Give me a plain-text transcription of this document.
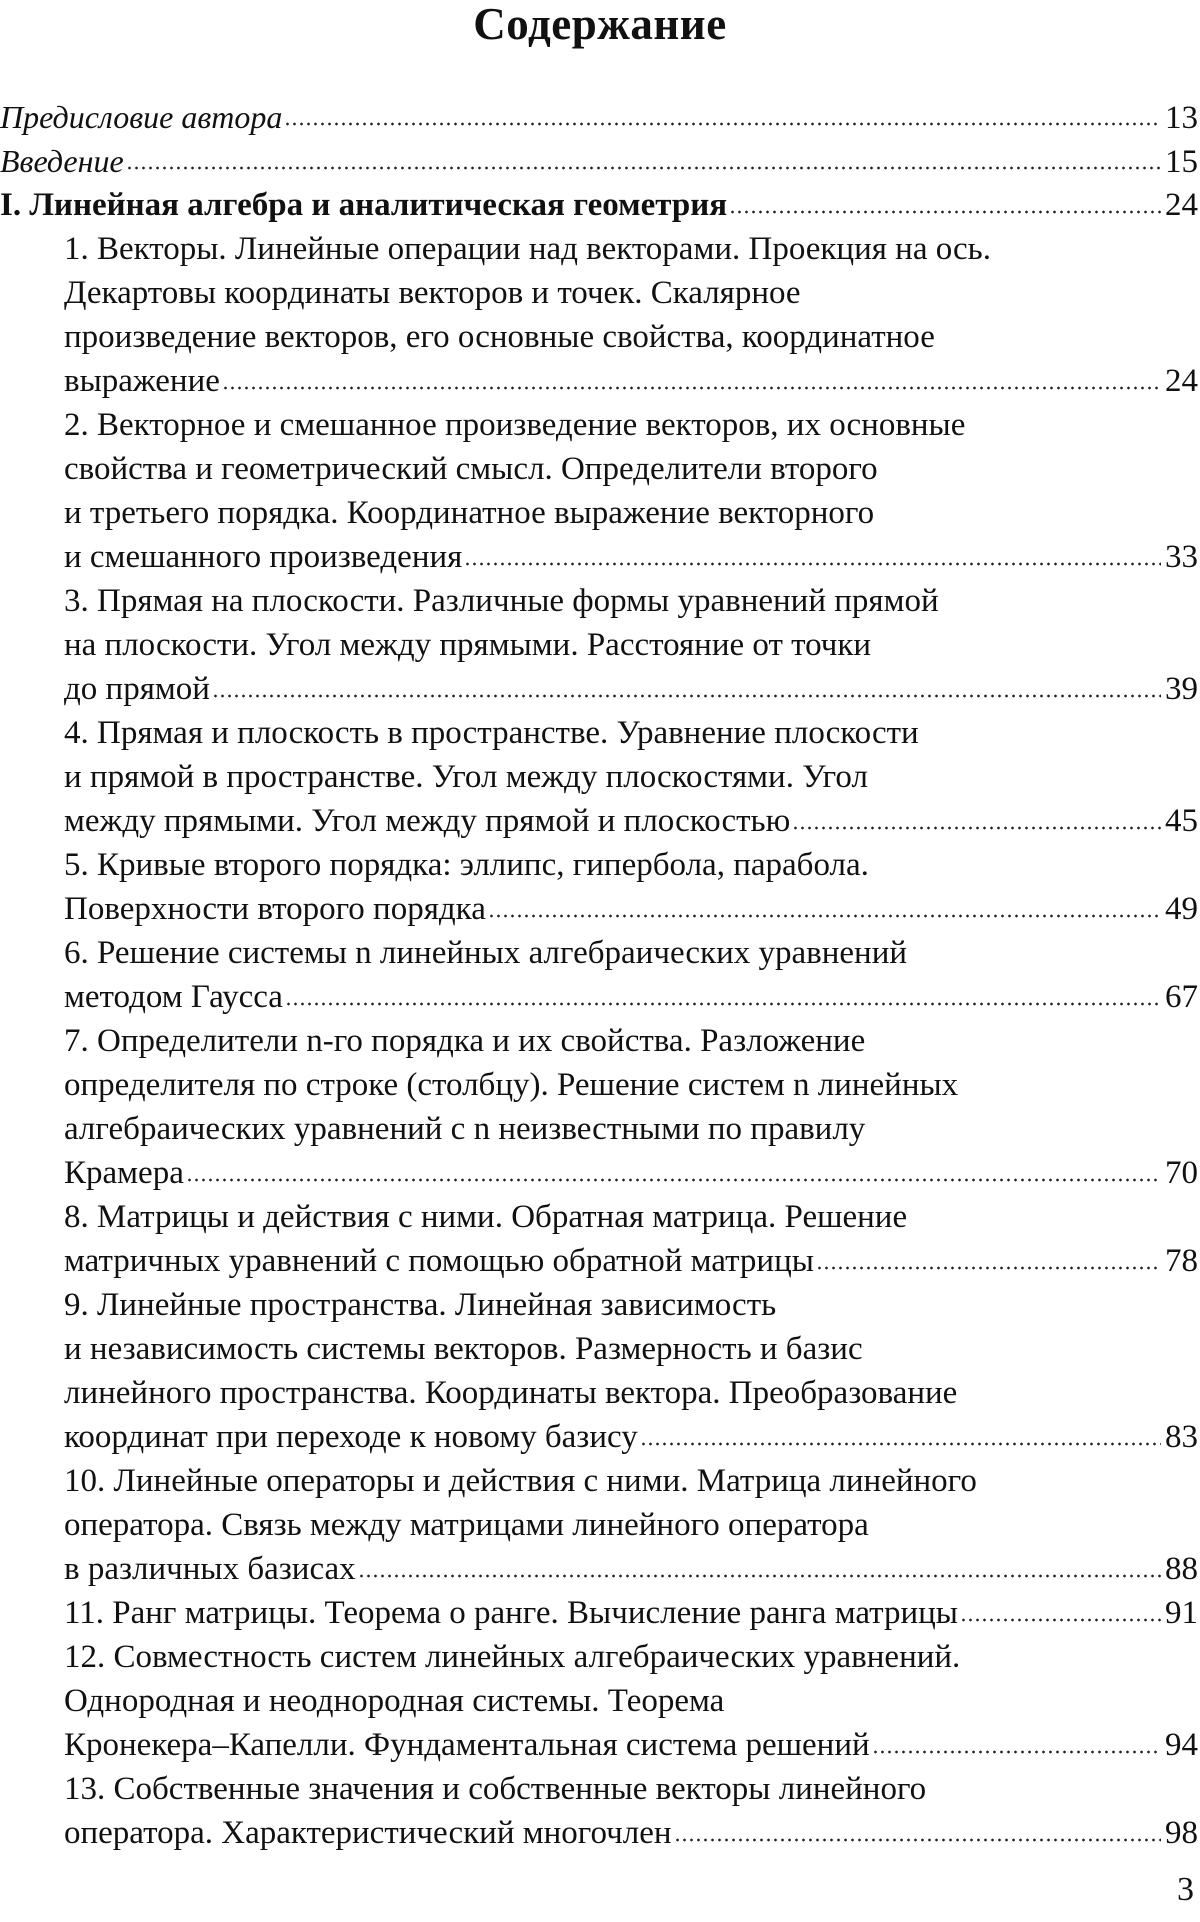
Содержание
Предисловие автора	13
Введение	15
I. Линейная алгебра и аналитическая геометрия	24
1. Векторы. Линейные операции над векторами. Проекция на ось.
Декартовы координаты векторов и точек. Скалярное
произведение векторов, его основные свойства, координатное
выражение	24
2. Векторное и смешанное произведение векторов, их основные
свойства и геометрический смысл. Определители второго
и третьего порядка. Координатное выражение векторного
и смешанного произведения	33
3. Прямая на плоскости. Различные формы уравнений прямой
на плоскости. Угол между прямыми. Расстояние от точки
до прямой	39
4. Прямая и плоскость в пространстве. Уравнение плоскости
и прямой в пространстве. Угол между плоскостями. Угол
между прямыми. Угол между прямой и плоскостью	45
5. Кривые второго порядка: эллипс, гипербола, парабола.
Поверхности второго порядка	49
6. Решение системы n линейных алгебраических уравнений
методом Гаусса	67
7. Определители n-го порядка и их свойства. Разложение
определителя по строке (столбцу). Решение систем n линейных
алгебраических уравнений с n неизвестными по правилу
Крамера	70
8. Матрицы и действия с ними. Обратная матрица. Решение
матричных уравнений с помощью обратной матрицы	78
9. Линейные пространства. Линейная зависимость
и независимость системы векторов. Размерность и базис
линейного пространства. Координаты вектора. Преобразование
координат при переходе к новому базису	83
10. Линейные операторы и действия с ними. Матрица линейного
оператора. Связь между матрицами линейного оператора
в различных базисах	88
11. Ранг матрицы. Теорема о ранге. Вычисление ранга матрицы	91
12. Совместность систем линейных алгебраических уравнений.
Однородная и неоднородная системы. Теорема
Кронекера–Капелли. Фундаментальная система решений	94
13. Собственные значения и собственные векторы линейного
оператора. Характеристический многочлен	98
3
